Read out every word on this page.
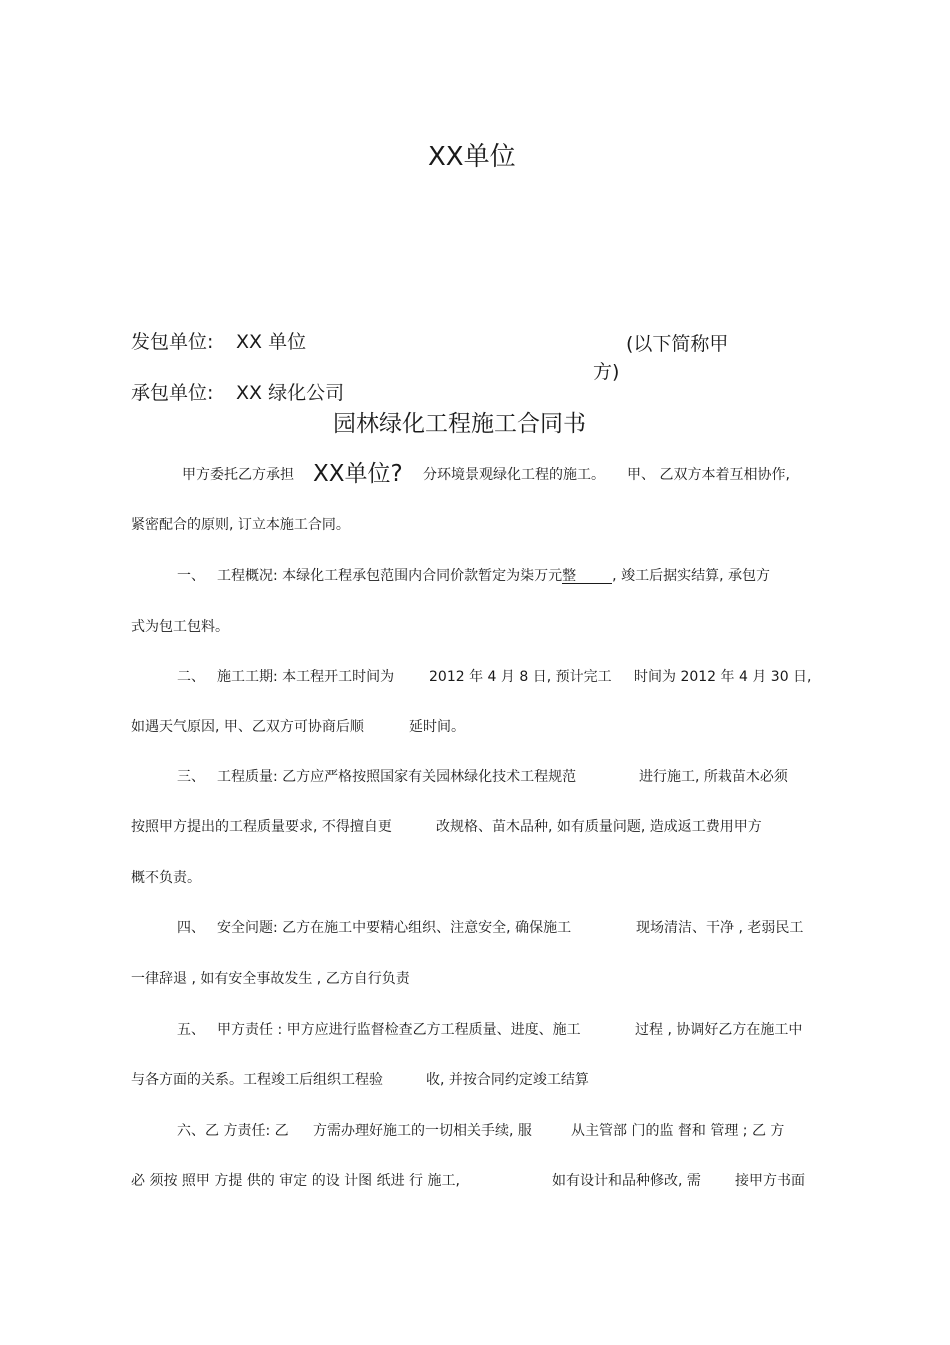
XX单位
发包单位: XX 单位	(以下简称甲
方)
承包单位: XX 绿化公司
园林绿化工程施工合同书
甲方委托乙方承担 XX单位? 分环境景观绿化工程的施工。 甲、 乙双方本着互相协作,
紧密配合的原则, 订立本施工合同。
一、 工程概况: 本绿化工程承包范围内合同价款暂定为柒万元整	, 竣工后据实结算, 承包方
式为包工包料。
二、 施工工期: 本工程开工时间为 2012 年 4 月 8 日, 预计完工 时间为 2012 年 4 月 30 日,
如遇天气原因, 甲、乙双方可协商后顺	延时间。
三、 工程质量: 乙方应严格按照国家有关园林绿化技术工程规范	进行施工, 所栽苗木必须
按照甲方提出的工程质量要求, 不得擅自更	改规格、苗木品种, 如有质量问题, 造成返工费用甲方
概不负责。
四、 安全问题: 乙方在施工中要精心组织、注意安全, 确保施工	现场清洁、干净 , 老弱民工
一律辞退 , 如有安全事故发生 , 乙方自行负责
五、 甲方责任 : 甲方应进行监督检查乙方工程质量、进度、施工	过程 , 协调好乙方在施工中
与各方面的关系。工程竣工后组织工程验	收, 并按合同约定竣工结算
六、乙 方责任: 乙 方需办理好施工的一切相关手续, 服	从主管部 门的监 督和 管理 ; 乙 方
必 须按 照甲 方提 供的 审定 的设 计图 纸进 行 施工,	如有设计和品种修改, 需 接甲方书面
